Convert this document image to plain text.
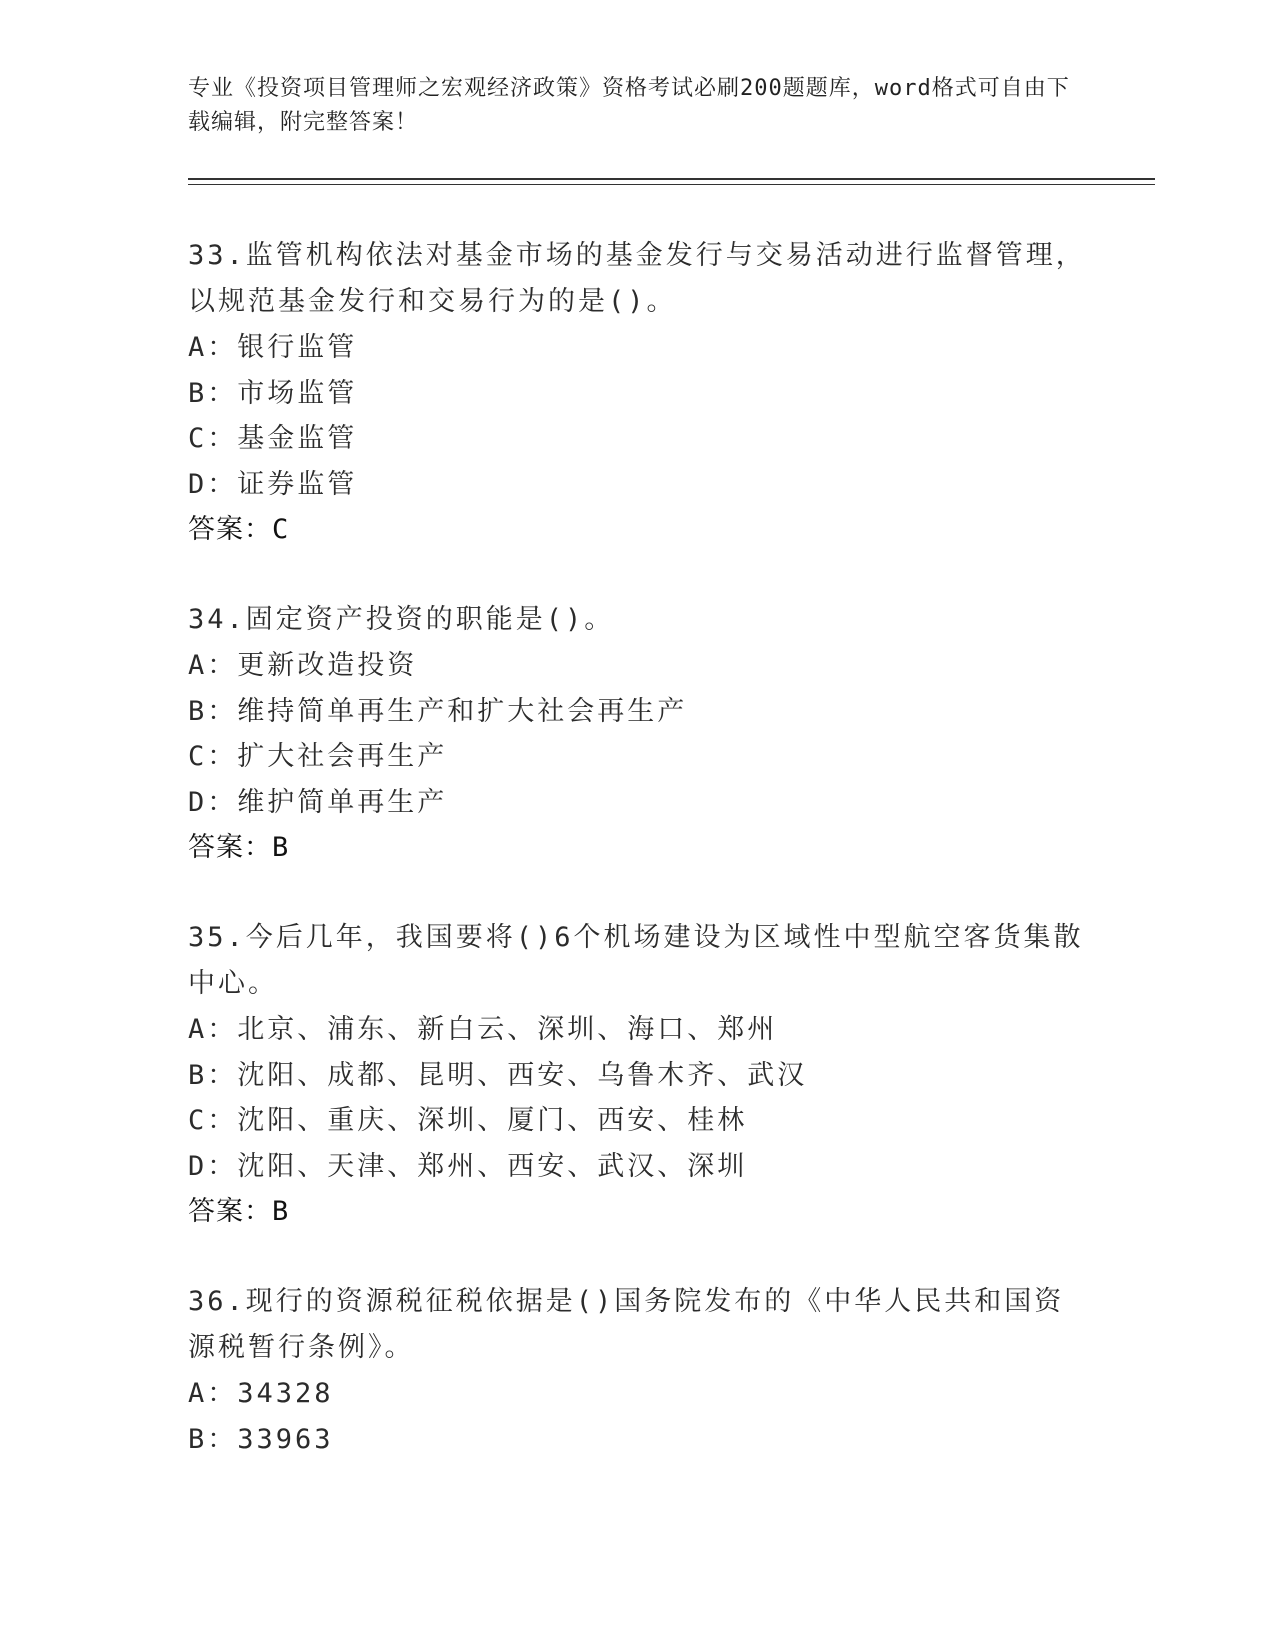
专业《投资项目管理师之宏观经济政策》资格考试必刷200题题库，word格式可自由下载编辑，附完整答案！
33.监管机构依法对基金市场的基金发行与交易活动进行监督管理，以规范基金发行和交易行为的是()。
A：银行监管
B：市场监管
C：基金监管
D：证券监管
答案：C
34.固定资产投资的职能是()。
A：更新改造投资
B：维持简单再生产和扩大社会再生产
C：扩大社会再生产
D：维护简单再生产
答案：B
35.今后几年，我国要将()6个机场建设为区域性中型航空客货集散中心。
A：北京、浦东、新白云、深圳、海口、郑州
B：沈阳、成都、昆明、西安、乌鲁木齐、武汉
C：沈阳、重庆、深圳、厦门、西安、桂林
D：沈阳、天津、郑州、西安、武汉、深圳
答案：B
36.现行的资源税征税依据是()国务院发布的《中华人民共和国资源税暂行条例》。
A：34328
B：33963
